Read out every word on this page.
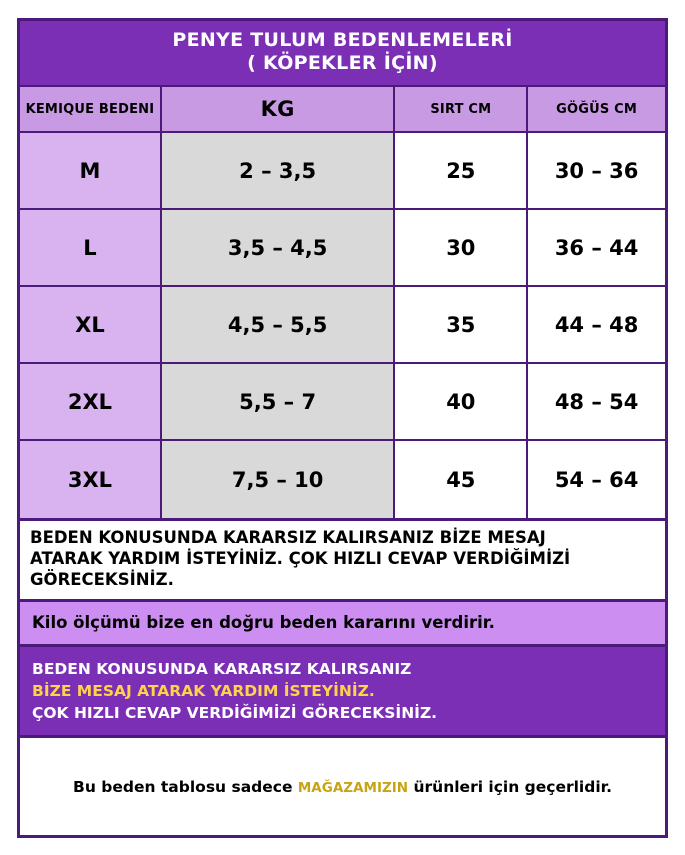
PENYE TULUM BEDENLEMELERİ
( KÖPEKLER İÇİN)
KEMIQUE BEDENI	KG	SIRT CM	GÖĞÜS CM
M	2 – 3,5	25	30 – 36
L	3,5 – 4,5	30	36 – 44
XL	4,5 – 5,5	35	44 – 48
2XL	5,5 – 7	40	48 – 54
3XL	7,5 – 10	45	54 – 64

BEDEN KONUSUNDA KARARSIZ KALIRSANIZ BİZE MESAJ

ATARAK YARDIM İSTEYİNİZ. ÇOK HIZLI CEVAP VERDİĞİMİZİ

GÖRECEKSİNİZ.

Kilo ölçümü bize en doğru beden kararını verdirir.

BEDEN KONUSUNDA KARARSIZ KALIRSANIZ

BİZE MESAJ ATARAK YARDIM İSTEYİNİZ.

ÇOK HIZLI CEVAP VERDİĞİMİZİ GÖRECEKSİNİZ.

Bu beden tablosu sadece MAĞAZAMIZIN ürünleri için geçerlidir.
